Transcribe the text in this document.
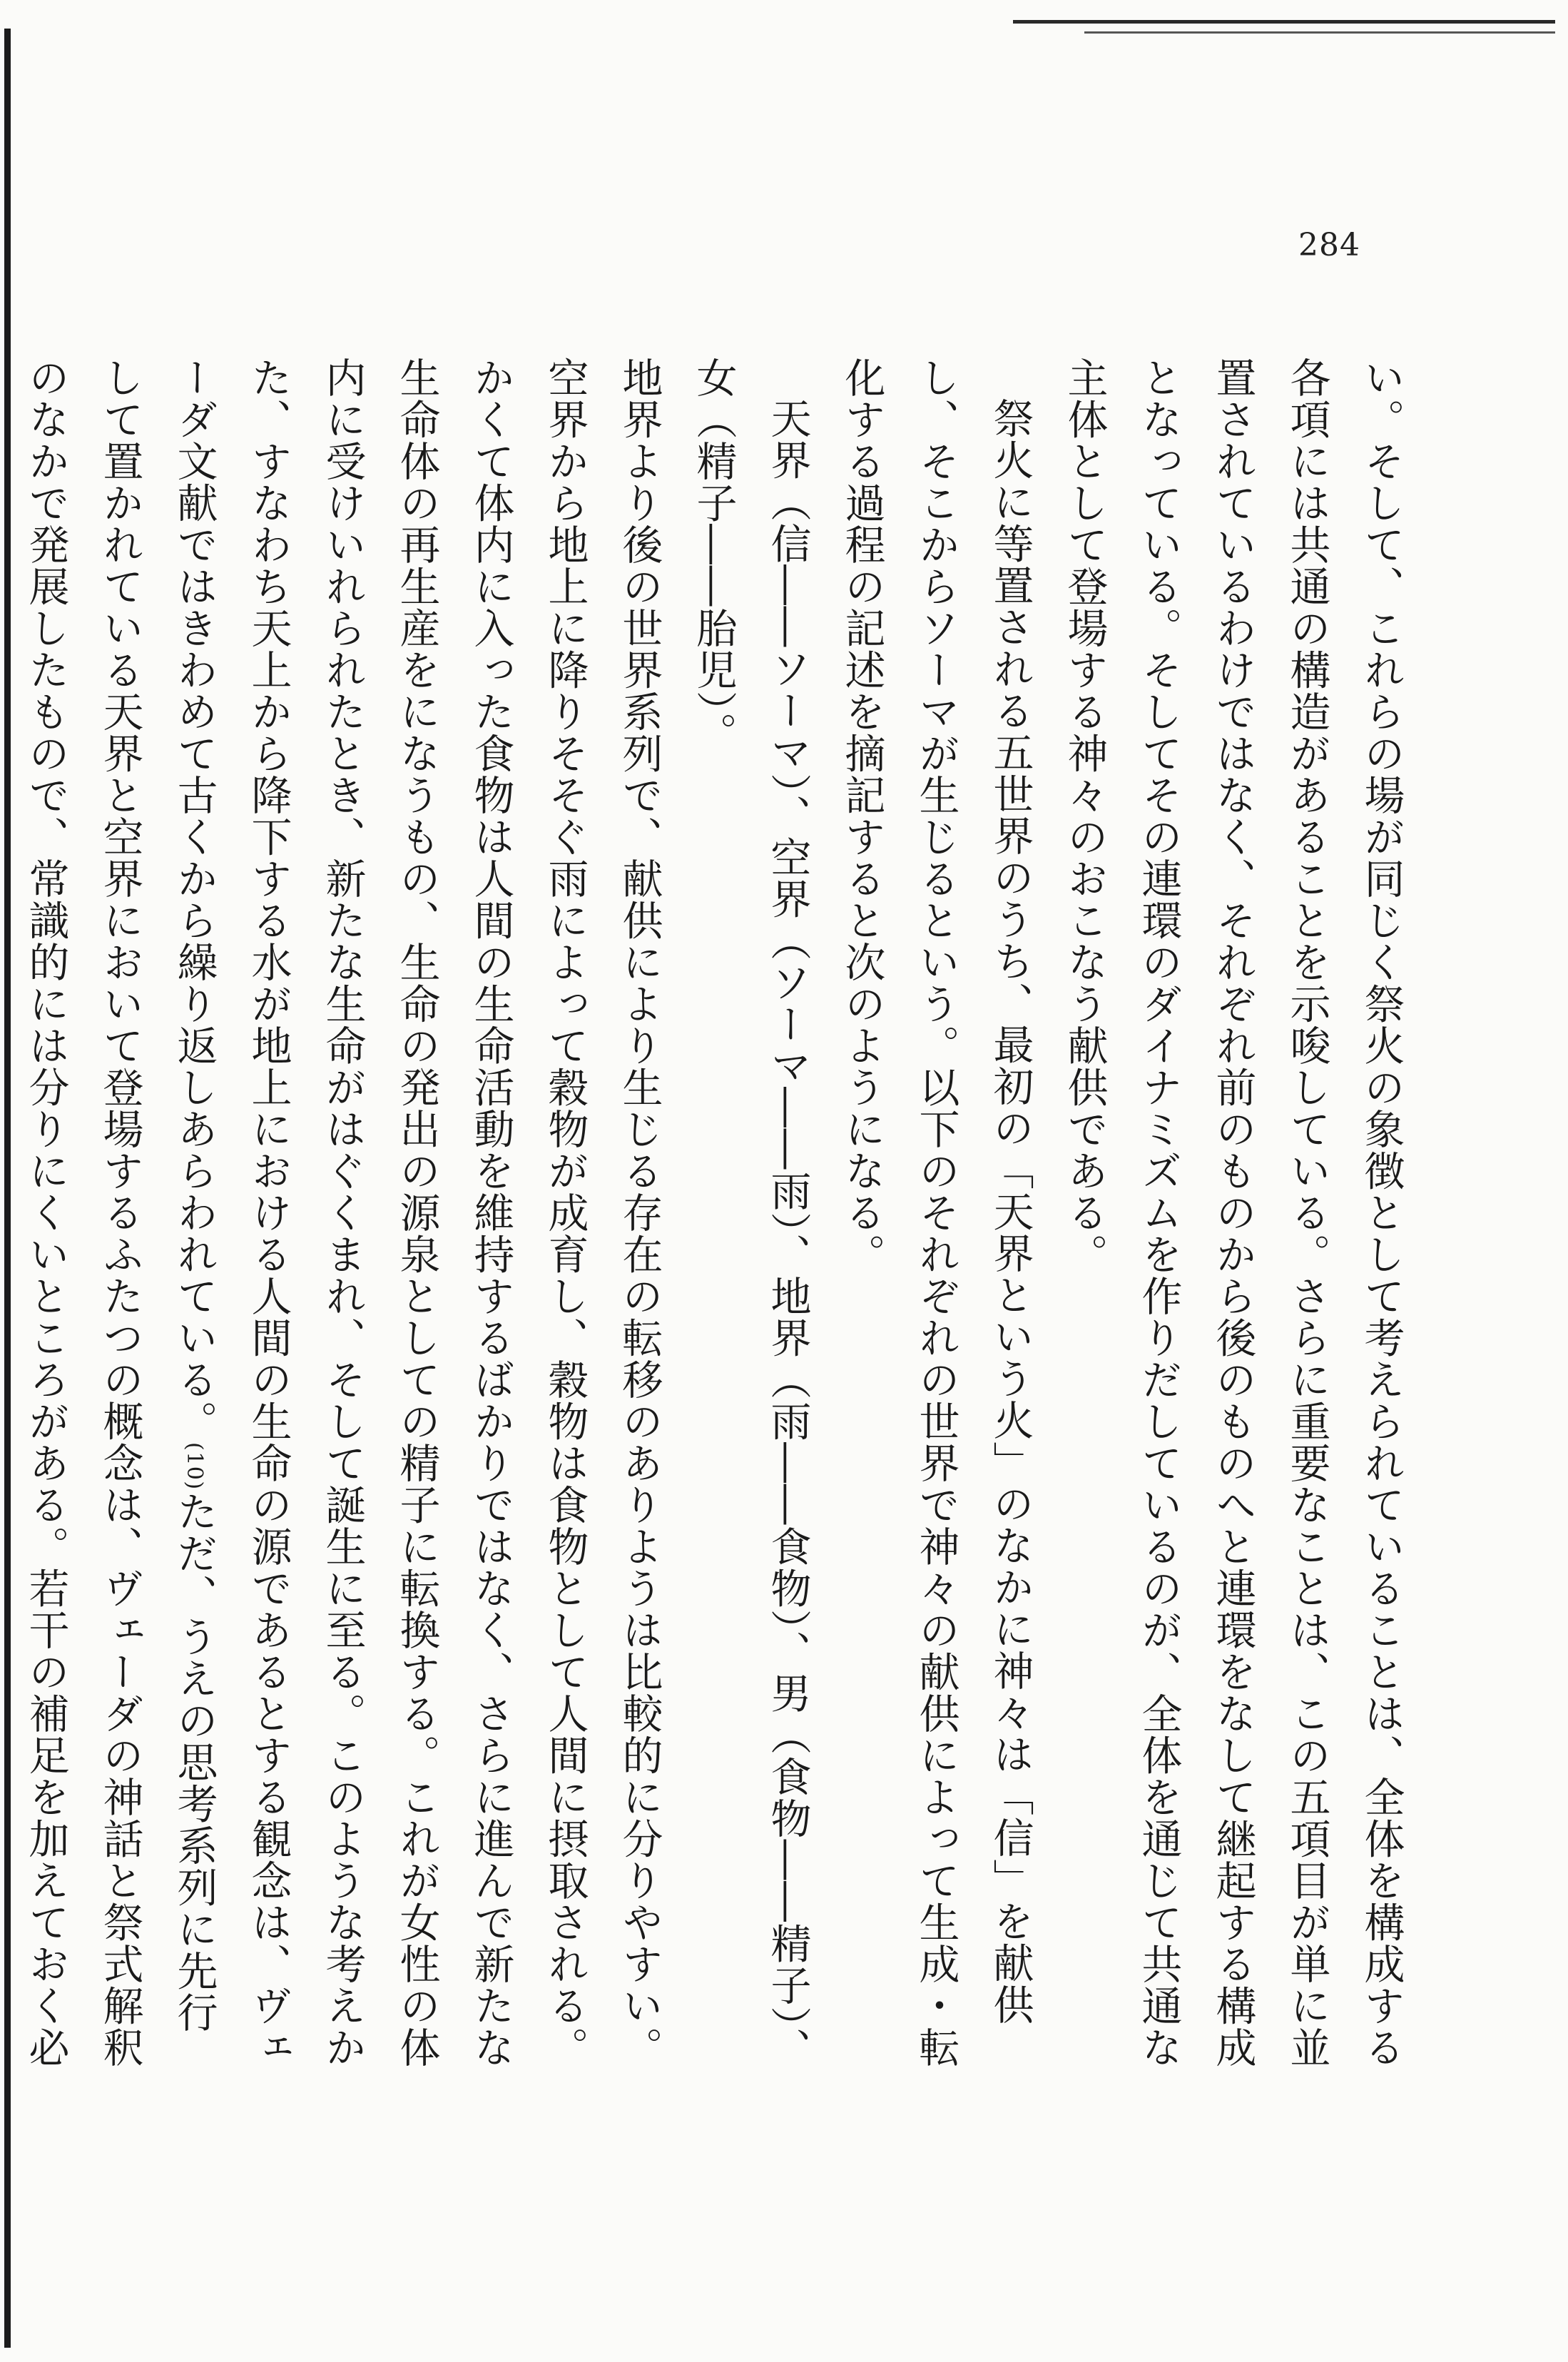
284

い。そして、これらの場が同じく祭火の象徴として考えられていることは、全体を構成する各項には共通の構造があることを示唆している。さらに重要なことは、この五項目が単に並置されているわけではなく、それぞれ前のものから後のものへと連環をなして継起する構成となっている。そしてその連環のダイナミズムを作りだしているのが、全体を通じて共通な主体として登場する神々のおこなう献供である。

祭火に等置される五世界のうち、最初の「天界という火」のなかに神々は「信」を献供し、そこからソーマが生じるという。以下のそれぞれの世界で神々の献供によって生成・転化する過程の記述を摘記すると次のようになる。

天界（信――ソーマ）、空界（ソーマ――雨）、地界（雨――食物）、男（食物――精子）、女（精子――胎児）。

地界より後の世界系列で、献供により生じる存在の転移のありようは比較的に分りやすい。空界から地上に降りそそぐ雨によって穀物が成育し、穀物は食物として人間に摂取される。かくて体内に入った食物は人間の生命活動を維持するばかりではなく、さらに進んで新たな生命体の再生産をになうもの、生命の発出の源泉としての精子に転換する。これが女性の体内に受けいれられたとき、新たな生命がはぐくまれ、そして誕生に至る。このような考えかた、すなわち天上から降下する水が地上における人間の生命の源であるとする観念は、ヴェーダ文献ではきわめて古くから繰り返しあらわれている。(10)ただ、うえの思考系列に先行して置かれている天界と空界において登場するふたつの概念は、ヴェーダの神話と祭式解釈のなかで発展したもので、常識的には分りにくいところがある。若干の補足を加えておく必
